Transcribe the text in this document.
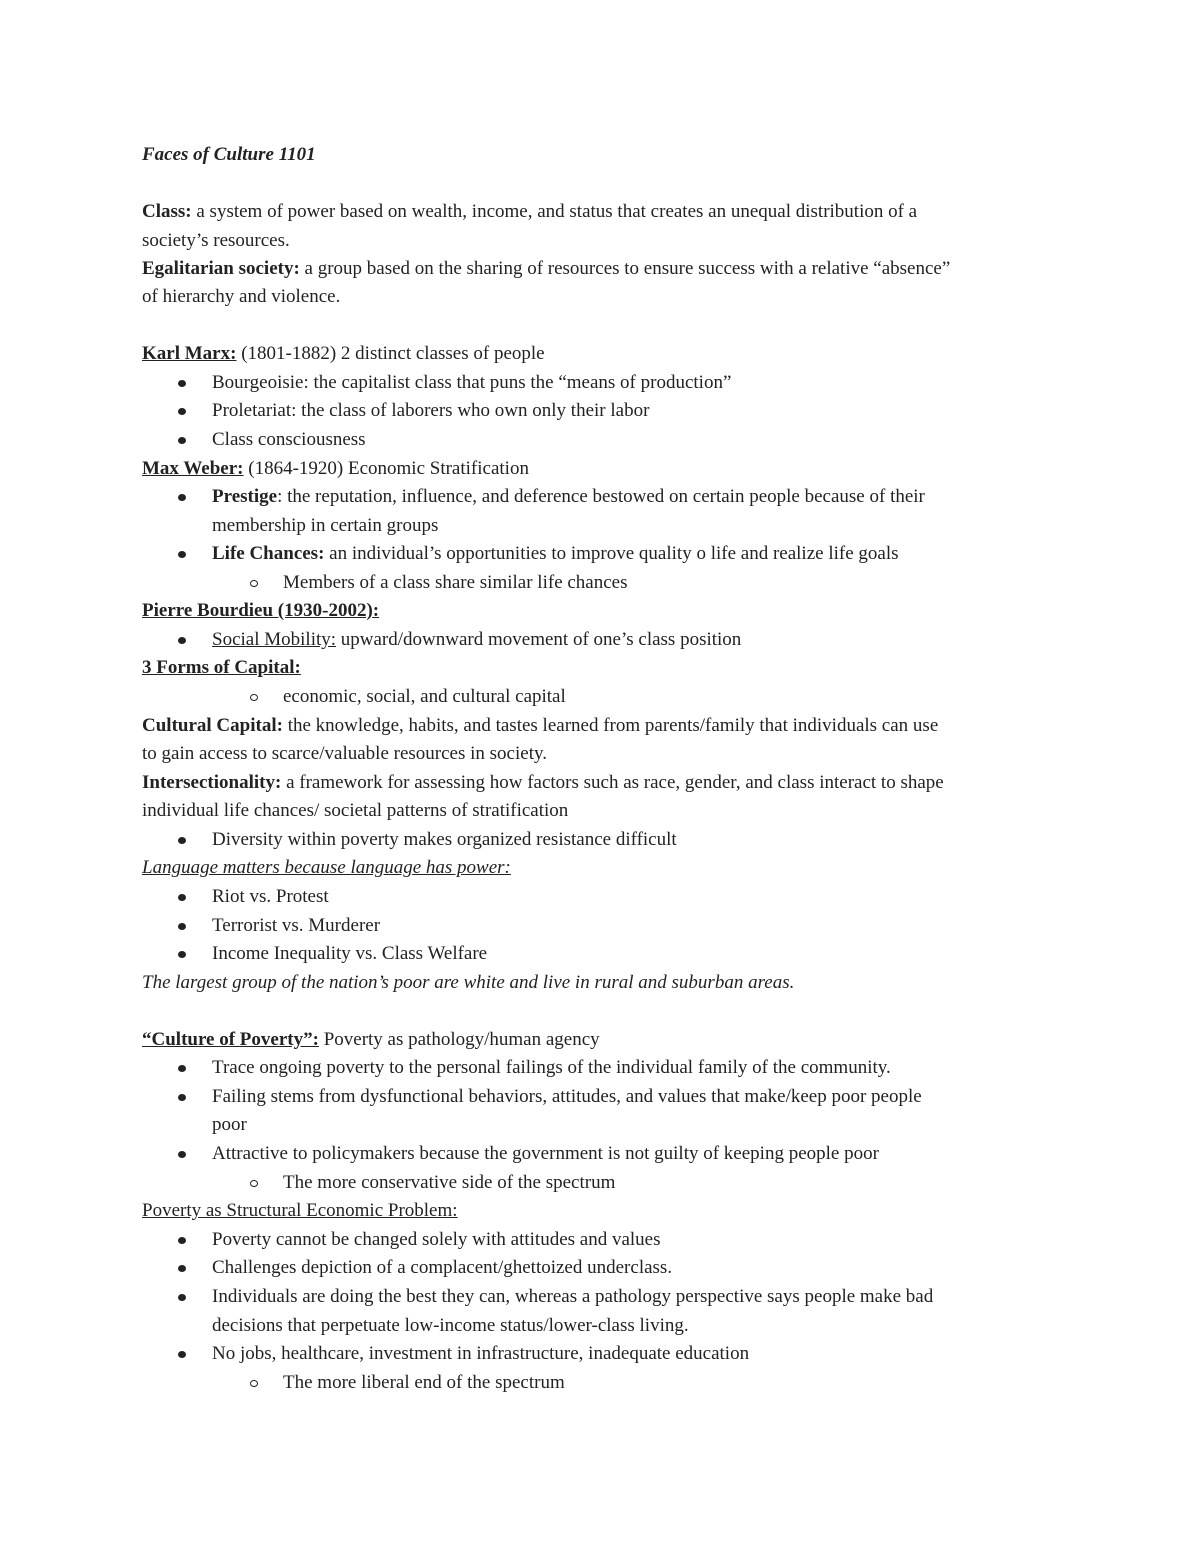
Faces of Culture 1101
Class: a system of power based on wealth, income, and status that creates an unequal distribution of a
society’s resources.
Egalitarian society: a group based on the sharing of resources to ensure success with a relative “absence”
of hierarchy and violence.
Karl Marx: (1801-1882) 2 distinct classes of people
Bourgeoisie: the capitalist class that puns the “means of production”
Proletariat: the class of laborers who own only their labor
Class consciousness
Max Weber: (1864-1920) Economic Stratification
Prestige: the reputation, influence, and deference bestowed on certain people because of their
membership in certain groups
Life Chances: an individual’s opportunities to improve quality o life and realize life goals
Members of a class share similar life chances
Pierre Bourdieu (1930-2002):
Social Mobility: upward/downward movement of one’s class position
3 Forms of Capital:
economic, social, and cultural capital
Cultural Capital: the knowledge, habits, and tastes learned from parents/family that individuals can use
to gain access to scarce/valuable resources in society.
Intersectionality: a framework for assessing how factors such as race, gender, and class interact to shape
individual life chances/ societal patterns of stratification
Diversity within poverty makes organized resistance difficult
Language matters because language has power:
Riot vs. Protest
Terrorist vs. Murderer
Income Inequality vs. Class Welfare
The largest group of the nation’s poor are white and live in rural and suburban areas.
“Culture of Poverty”: Poverty as pathology/human agency
Trace ongoing poverty to the personal failings of the individual family of the community.
Failing stems from dysfunctional behaviors, attitudes, and values that make/keep poor people
poor
Attractive to policymakers because the government is not guilty of keeping people poor
The more conservative side of the spectrum
Poverty as Structural Economic Problem:
Poverty cannot be changed solely with attitudes and values
Challenges depiction of a complacent/ghettoized underclass.
Individuals are doing the best they can, whereas a pathology perspective says people make bad
decisions that perpetuate low-income status/lower-class living.
No jobs, healthcare, investment in infrastructure, inadequate education
The more liberal end of the spectrum
